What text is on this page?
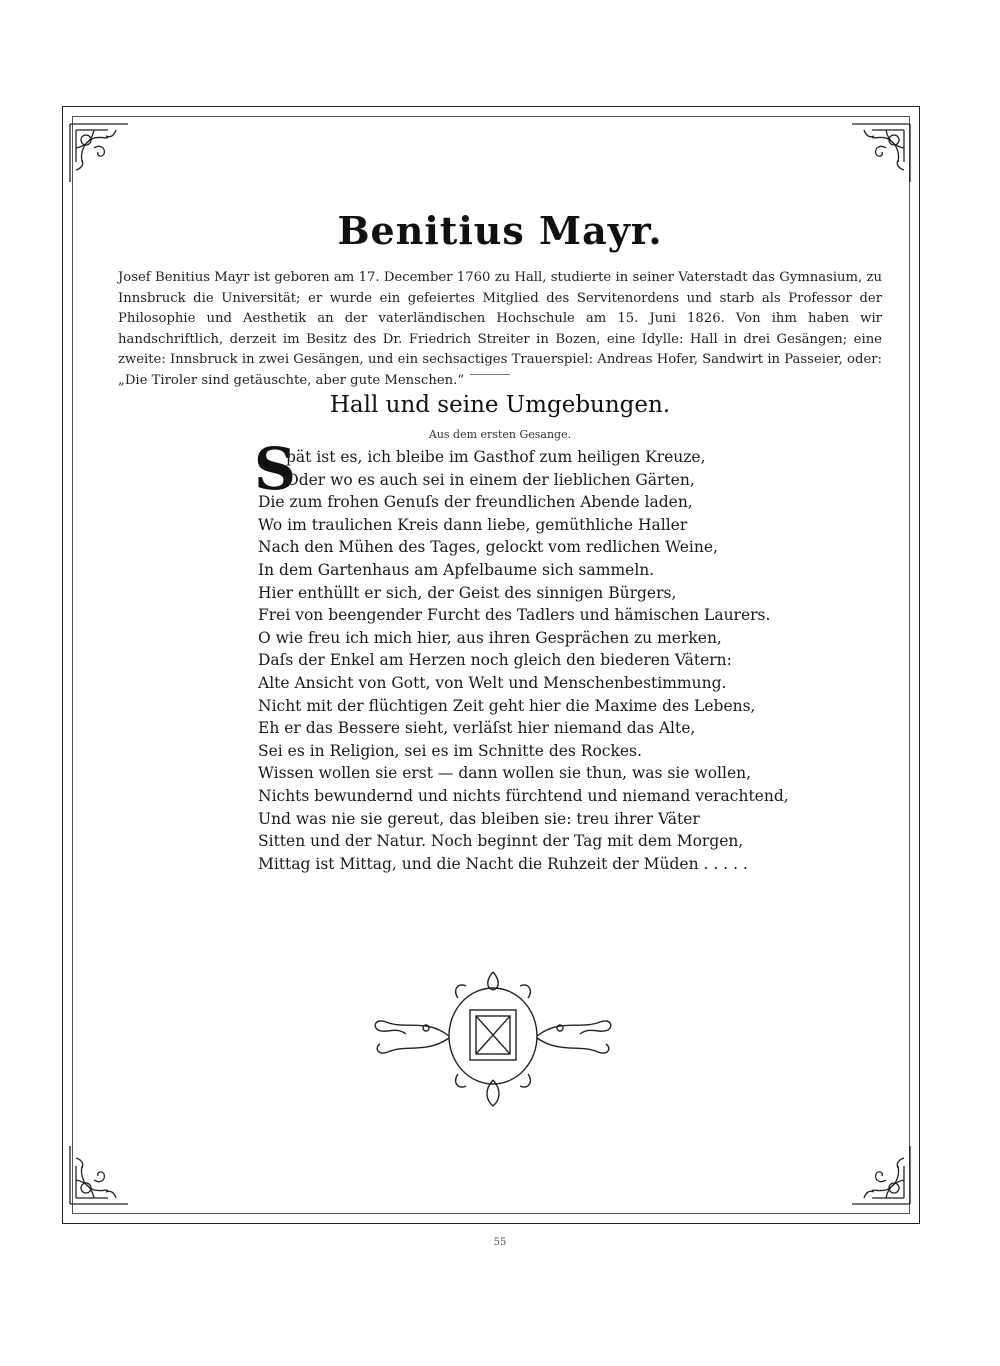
Benitius Mayr.
Josef Benitius Mayr ist geboren am 17. December 1760 zu Hall, studierte in seiner Vaterstadt das Gymnasium, zu Innsbruck die Universität; er wurde ein gefeiertes Mitglied des Servitenordens und starb als Professor der Philosophie und Aesthetik an der vaterländischen Hochschule am 15. Juni 1826. Von ihm haben wir handschriftlich, derzeit im Besitz des Dr. Friedrich Streiter in Bozen, eine Idylle: Hall in drei Gesängen; eine zweite: Innsbruck in zwei Gesängen, und ein sechsactiges Trauerspiel: Andreas Hofer, Sandwirt in Passeier, oder: „Die Tiroler sind getäuschte, aber gute Menschen.“
Hall und seine Umgebungen.
Aus dem ersten Gesange.
S
pät ist es, ich bleibe im Gasthof zum heiligen Kreuze,
Oder wo es auch sei in einem der lieblichen Gärten,
Die zum frohen Genuſs der freundlichen Abende laden,
Wo im traulichen Kreis dann liebe, gemüthliche Haller
Nach den Mühen des Tages, gelockt vom redlichen Weine,
In dem Gartenhaus am Apfelbaume sich sammeln.
Hier enthüllt er sich, der Geist des sinnigen Bürgers,
Frei von beengender Furcht des Tadlers und hämischen Laurers.
O wie freu ich mich hier, aus ihren Gesprächen zu merken,
Daſs der Enkel am Herzen noch gleich den biederen Vätern:
Alte Ansicht von Gott, von Welt und Menschenbestimmung.
Nicht mit der flüchtigen Zeit geht hier die Maxime des Lebens,
Eh er das Bessere sieht, verläſst hier niemand das Alte,
Sei es in Religion, sei es im Schnitte des Rockes.
Wissen wollen sie erst — dann wollen sie thun, was sie wollen,
Nichts bewundernd und nichts fürchtend und niemand verachtend,
Und was nie sie gereut, das bleiben sie: treu ihrer Väter
Sitten und der Natur. Noch beginnt der Tag mit dem Morgen,
Mittag ist Mittag, und die Nacht die Ruhzeit der Müden . . . . .
55
